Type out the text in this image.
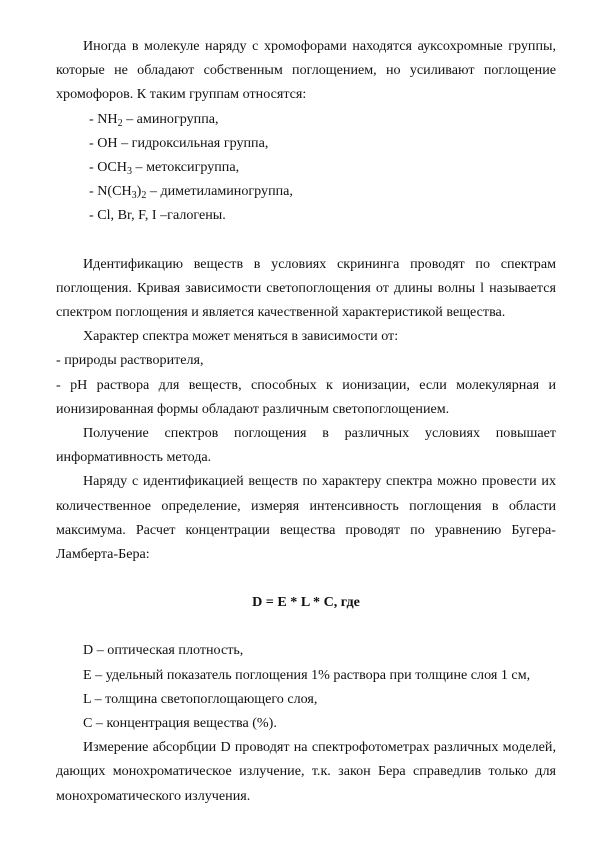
Иногда в молекуле наряду с хромофорами находятся ауксохромные группы, которые не обладают собственным поглощением, но усиливают поглощение хромофоров. К таким группам относятся:

- $NH_2$ – аминогруппа,

- OH – гидроксильная группа,

- $OCH_3$ – метоксигруппа,

- $N(CH_3)_2$ – диметиламиногруппа,

- Cl, Br, F, I –галогены.

Идентификацию веществ в условиях скрининга проводят по спектрам поглощения. Кривая зависимости светопоглощения от длины волны l называется спектром поглощения и является качественной характеристикой вещества.

Характер спектра может меняться в зависимости от:

- природы растворителя,

- pH раствора для веществ, способных к ионизации, если молекулярная и ионизированная формы обладают различным светопоглощением.

Получение спектров поглощения в различных условиях повышает информативность метода.

Наряду с идентификацией веществ по характеру спектра можно провести их количественное определение, измеряя интенсивность поглощения в области максимума. Расчет концентрации вещества проводят по уравнению Бугера-Ламберта-Бера:

D = E * L * C, где

D – оптическая плотность,

E – удельный показатель поглощения 1% раствора при толщине слоя 1 см,

L – толщина светопоглощающего слоя,

C – концентрация вещества (%).

Измерение абсорбции D проводят на спектрофотометрах различных моделей, дающих монохроматическое излучение, т.к. закон Бера справедлив только для монохроматического излучения.
